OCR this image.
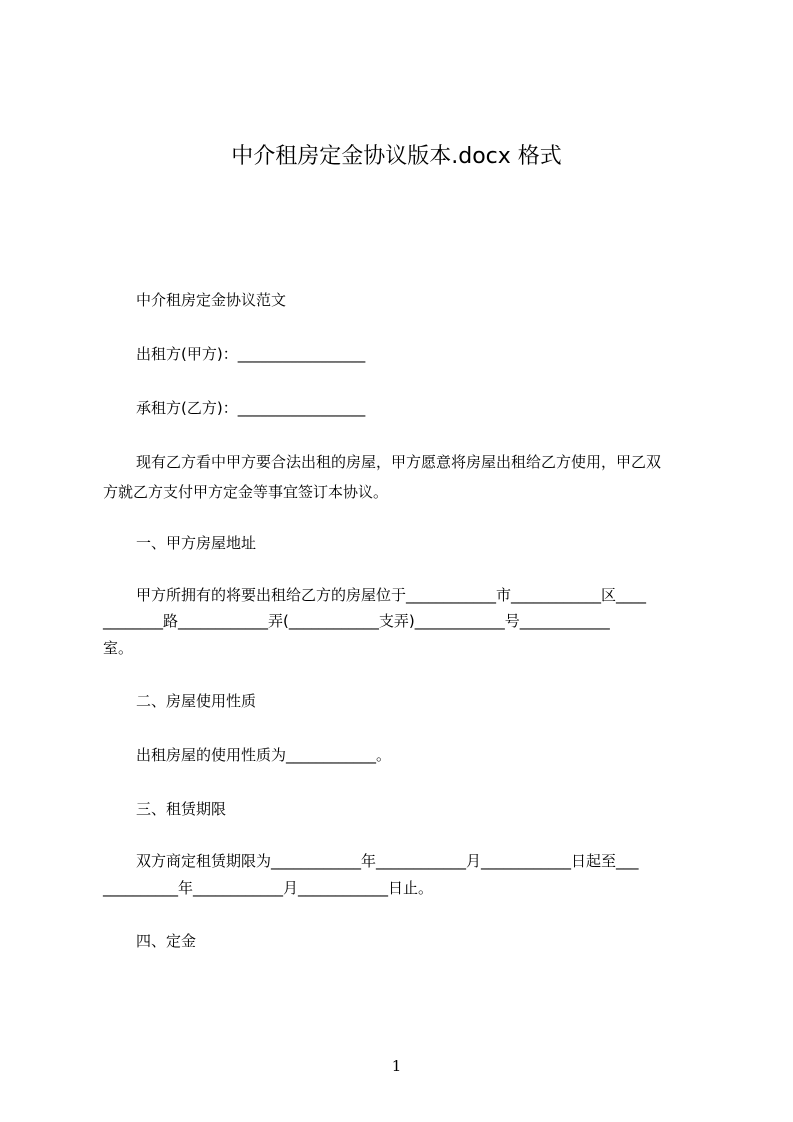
中介租房定金协议版本.docx 格式
中介租房定金协议范文
出租方(甲方)：_________________
承租方(乙方)：_________________
现有乙方看中甲方要合法出租的房屋，甲方愿意将房屋出租给乙方使用，甲乙双
方就乙方支付甲方定金等事宜签订本协议。
一、甲方房屋地址
甲方所拥有的将要出租给乙方的房屋位于____________市____________区____
________路____________弄(____________支弄)____________号____________
室。
二、房屋使用性质
出租房屋的使用性质为____________。
三、租赁期限
双方商定租赁期限为____________年____________月____________日起至___
__________年____________月____________日止。
四、定金
1
